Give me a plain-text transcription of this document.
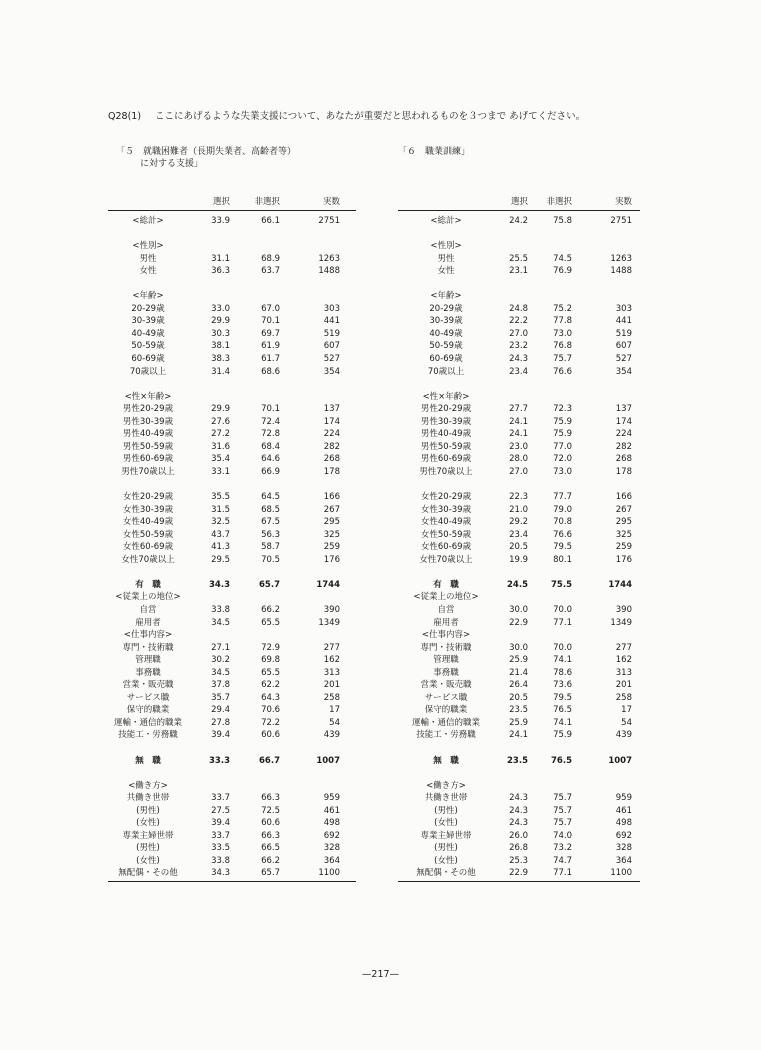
Q28(1)	ここにあげるような失業支援について、あなたが重要だと思われるものを３つまで あげてください。
「５　就職困難者（長期失業者、高齢者等）
に対する支援」
「６　職業訓練」
選択	非選択	実数
<総計>	33.9	66.1	2751
<性別>
男性	31.1	68.9	1263
女性	36.3	63.7	1488
<年齢>
20-29歳	33.0	67.0	303
30-39歳	29.9	70.1	441
40-49歳	30.3	69.7	519
50-59歳	38.1	61.9	607
60-69歳	38.3	61.7	527
70歳以上	31.4	68.6	354
<性×年齢>
男性20-29歳	29.9	70.1	137
男性30-39歳	27.6	72.4	174
男性40-49歳	27.2	72.8	224
男性50-59歳	31.6	68.4	282
男性60-69歳	35.4	64.6	268
男性70歳以上	33.1	66.9	178
女性20-29歳	35.5	64.5	166
女性30-39歳	31.5	68.5	267
女性40-49歳	32.5	67.5	295
女性50-59歳	43.7	56.3	325
女性60-69歳	41.3	58.7	259
女性70歳以上	29.5	70.5	176
有　職	34.3	65.7	1744
<従業上の地位>
自営	33.8	66.2	390
雇用者	34.5	65.5	1349
<仕事内容>
専門・技術職	27.1	72.9	277
管理職	30.2	69.8	162
事務職	34.5	65.5	313
営業・販売職	37.8	62.2	201
サービス職	35.7	64.3	258
保守的職業	29.4	70.6	17
運輸・通信的職業	27.8	72.2	54
技能工・労務職	39.4	60.6	439
無　職	33.3	66.7	1007
<働き方>
共働き世帯	33.7	66.3	959
(男性)	27.5	72.5	461
(女性)	39.4	60.6	498
専業主婦世帯	33.7	66.3	692
(男性)	33.5	66.5	328
(女性)	33.8	66.2	364
無配偶・その他	34.3	65.7	1100
選択	非選択	実数
<総計>	24.2	75.8	2751
<性別>
男性	25.5	74.5	1263
女性	23.1	76.9	1488
<年齢>
20-29歳	24.8	75.2	303
30-39歳	22.2	77.8	441
40-49歳	27.0	73.0	519
50-59歳	23.2	76.8	607
60-69歳	24.3	75.7	527
70歳以上	23.4	76.6	354
<性×年齢>
男性20-29歳	27.7	72.3	137
男性30-39歳	24.1	75.9	174
男性40-49歳	24.1	75.9	224
男性50-59歳	23.0	77.0	282
男性60-69歳	28.0	72.0	268
男性70歳以上	27.0	73.0	178
女性20-29歳	22.3	77.7	166
女性30-39歳	21.0	79.0	267
女性40-49歳	29.2	70.8	295
女性50-59歳	23.4	76.6	325
女性60-69歳	20.5	79.5	259
女性70歳以上	19.9	80.1	176
有　職	24.5	75.5	1744
<従業上の地位>
自営	30.0	70.0	390
雇用者	22.9	77.1	1349
<仕事内容>
専門・技術職	30.0	70.0	277
管理職	25.9	74.1	162
事務職	21.4	78.6	313
営業・販売職	26.4	73.6	201
サービス職	20.5	79.5	258
保守的職業	23.5	76.5	17
運輸・通信的職業	25.9	74.1	54
技能工・労務職	24.1	75.9	439
無　職	23.5	76.5	1007
<働き方>
共働き世帯	24.3	75.7	959
(男性)	24.3	75.7	461
(女性)	24.3	75.7	498
専業主婦世帯	26.0	74.0	692
(男性)	26.8	73.2	328
(女性)	25.3	74.7	364
無配偶・その他	22.9	77.1	1100
—217—
